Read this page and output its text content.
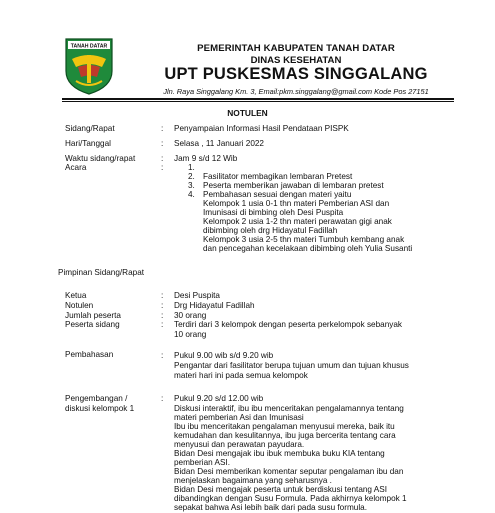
TANAH DATAR	PEMERINTAH KABUPATEN TANAH DATAR
DINAS KESEHATAN
UPT PUSKESMAS SINGGALANG
Jln. Raya Singgalang Km. 3, Email:pkm.singgalang@gmail.com Kode Pos 27151
NOTULEN
Sidang/Rapat	:	Penyampaian Informasi Hasil Pendataan PISPK
Hari/Tanggal	:	Selasa , 11 Januari 2022
Waktu sidang/rapat	:	Jam 9 s/d 12 Wib
Acara	:	1.
2. Fasilitator membagikan lembaran Pretest
3. Peserta memberikan jawaban di lembaran pretest
4. Pembahasan sesuai dengan materi yaitu
Kelompok 1 usia 0-1 thn materi Pemberian ASI dan
Imunisasi di bimbing oleh Desi Puspita
Kelompok 2 usia 1-2 thn materi perawatan gigi anak
dibimbing oleh drg Hidayatul Fadillah
Kelompok 3 usia 2-5 thn materi Tumbuh kembang anak
dan pencegahan kecelakaan dibimbing oleh Yulia Susanti
Pimpinan Sidang/Rapat
Ketua	:	Desi Puspita
Notulen	:	Drg Hidayatul Fadillah
Jumlah peserta	:	30 orang
Peserta sidang	:	Terdiri dari 3 kelompok dengan peserta perkelompok sebanyak
10 orang
Pembahasan	:	Pukul 9.00 wib s/d 9.20 wib
Pengantar dari fasilitator berupa tujuan umum dan tujuan khusus
materi hari ini pada semua kelompok
Pengembangan /
diskusi kelompok 1
:	Pukul 9.20 s/d 12.00 wib
Diskusi interaktif, ibu ibu menceritakan pengalamannya tentang
materi pemberian Asi dan Imunisasi
Ibu ibu menceritakan pengalaman menyusui mereka, baik itu
kemudahan dan kesulitannya, ibu juga bercerita tentang cara
menyusui dan perawatan payudara.
Bidan Desi mengajak ibu ibuk membuka buku KIA tentang
pemberian ASI.
Bidan Desi memberikan komentar seputar pengalaman ibu dan
menjelaskan bagaimana yang seharusnya .
Bidan Desi mengajak peserta untuk berdiskusi tentang ASI
dibandingkan dengan Susu Formula. Pada akhirnya kelompok 1
sepakat bahwa Asi lebih baik dari pada susu formula.
